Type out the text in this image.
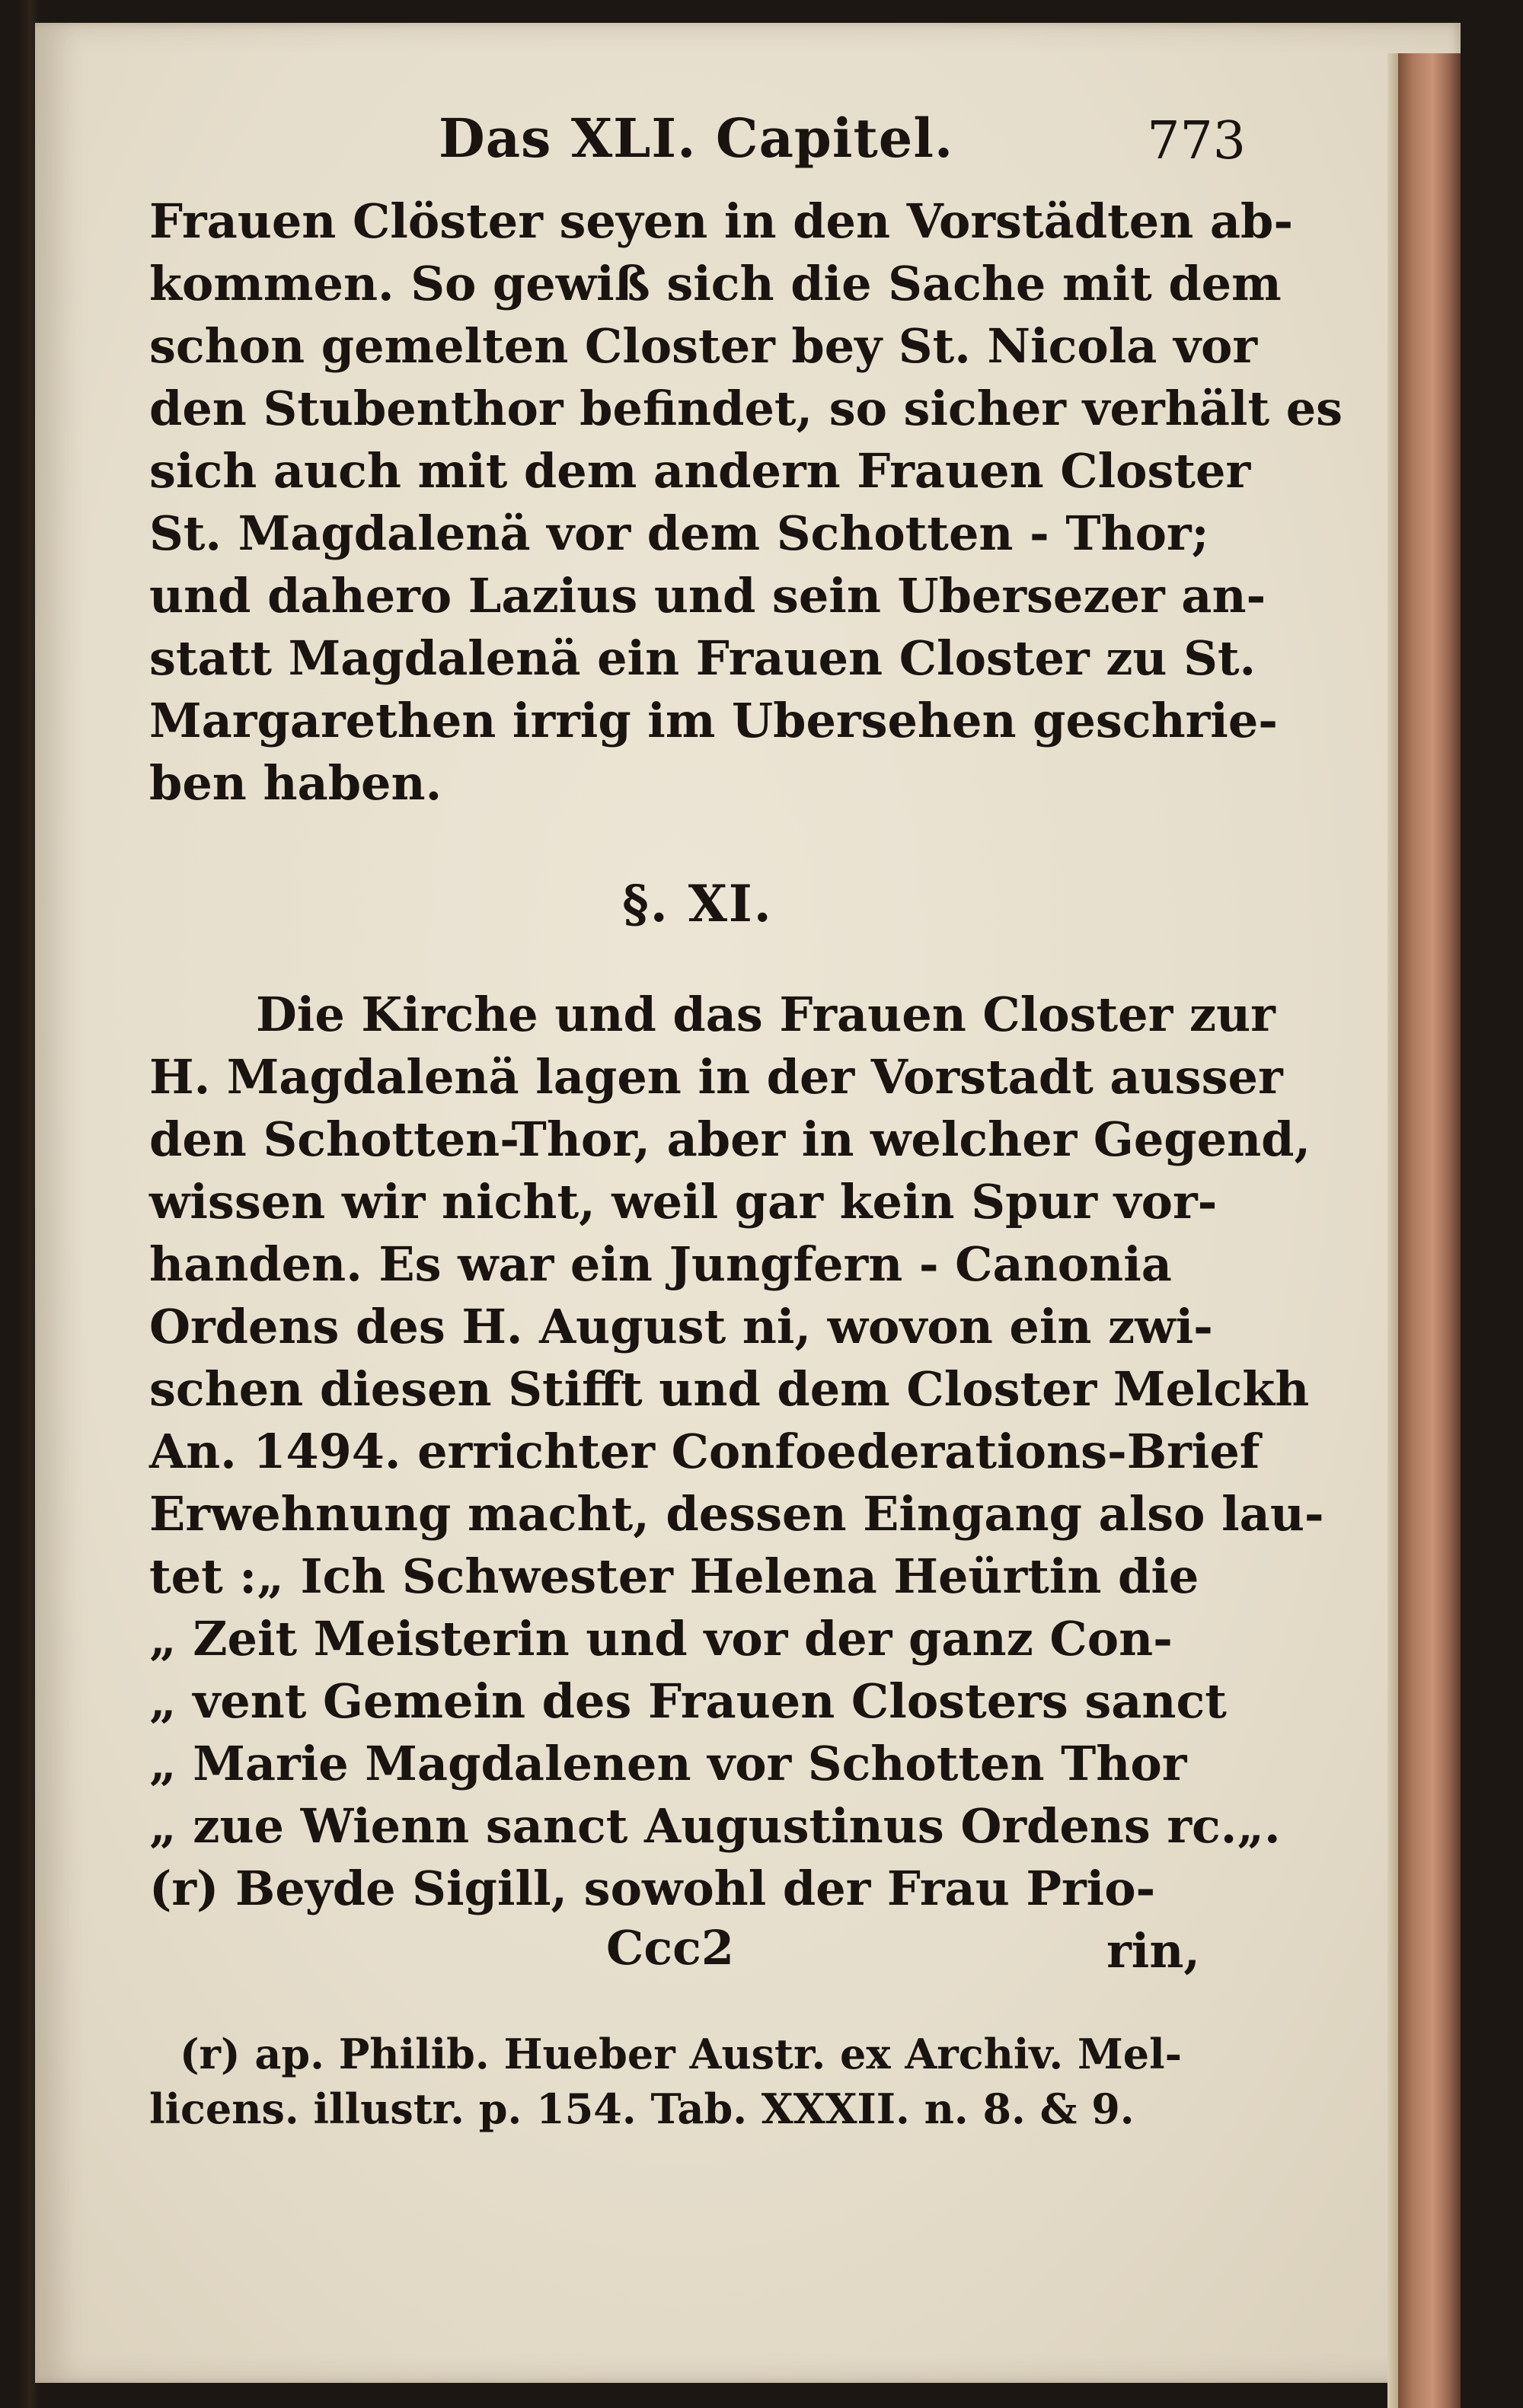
Das XLI. Capitel.	773

Frauen Clöster seyen in den Vorstädten ab-
kommen. So gewiß sich die Sache mit dem
schon gemelten Closter bey St. Nicola vor
den Stubenthor befindet, so sicher verhält es
sich auch mit dem andern Frauen Closter
St. Magdalenä vor dem Schotten - Thor;
und dahero Lazius und sein Ubersezer an-
statt Magdalenä ein Frauen Closter zu St.
Margarethen irrig im Ubersehen geschrie-
ben haben.

§. XI.

Die Kirche und das Frauen Closter zur
H. Magdalenä lagen in der Vorstadt ausser
den Schotten-Thor, aber in welcher Gegend,
wissen wir nicht, weil gar kein Spur vor-
handen. Es war ein Jungfern - Canonia
Ordens des H. August ni, wovon ein zwi-
schen diesen Stifft und dem Closter Melckh
An. 1494. errichter Confoederations-Brief
Erwehnung macht, dessen Eingang also lau-
tet :„ Ich Schwester Helena Heürtin die
„ Zeit Meisterin und vor der ganz Con-
„ vent Gemein des Frauen Closters sanct
„ Marie Magdalenen vor Schotten Thor
„ zue Wienn sanct Augustinus Ordens rc.„.
(r) Beyde Sigill, sowohl der Frau Prio-

Ccc2	rin,
(r) ap. Philib. Hueber Austr. ex Archiv. Mel-
licens. illustr. p. 154. Tab. XXXII. n. 8. & 9.
